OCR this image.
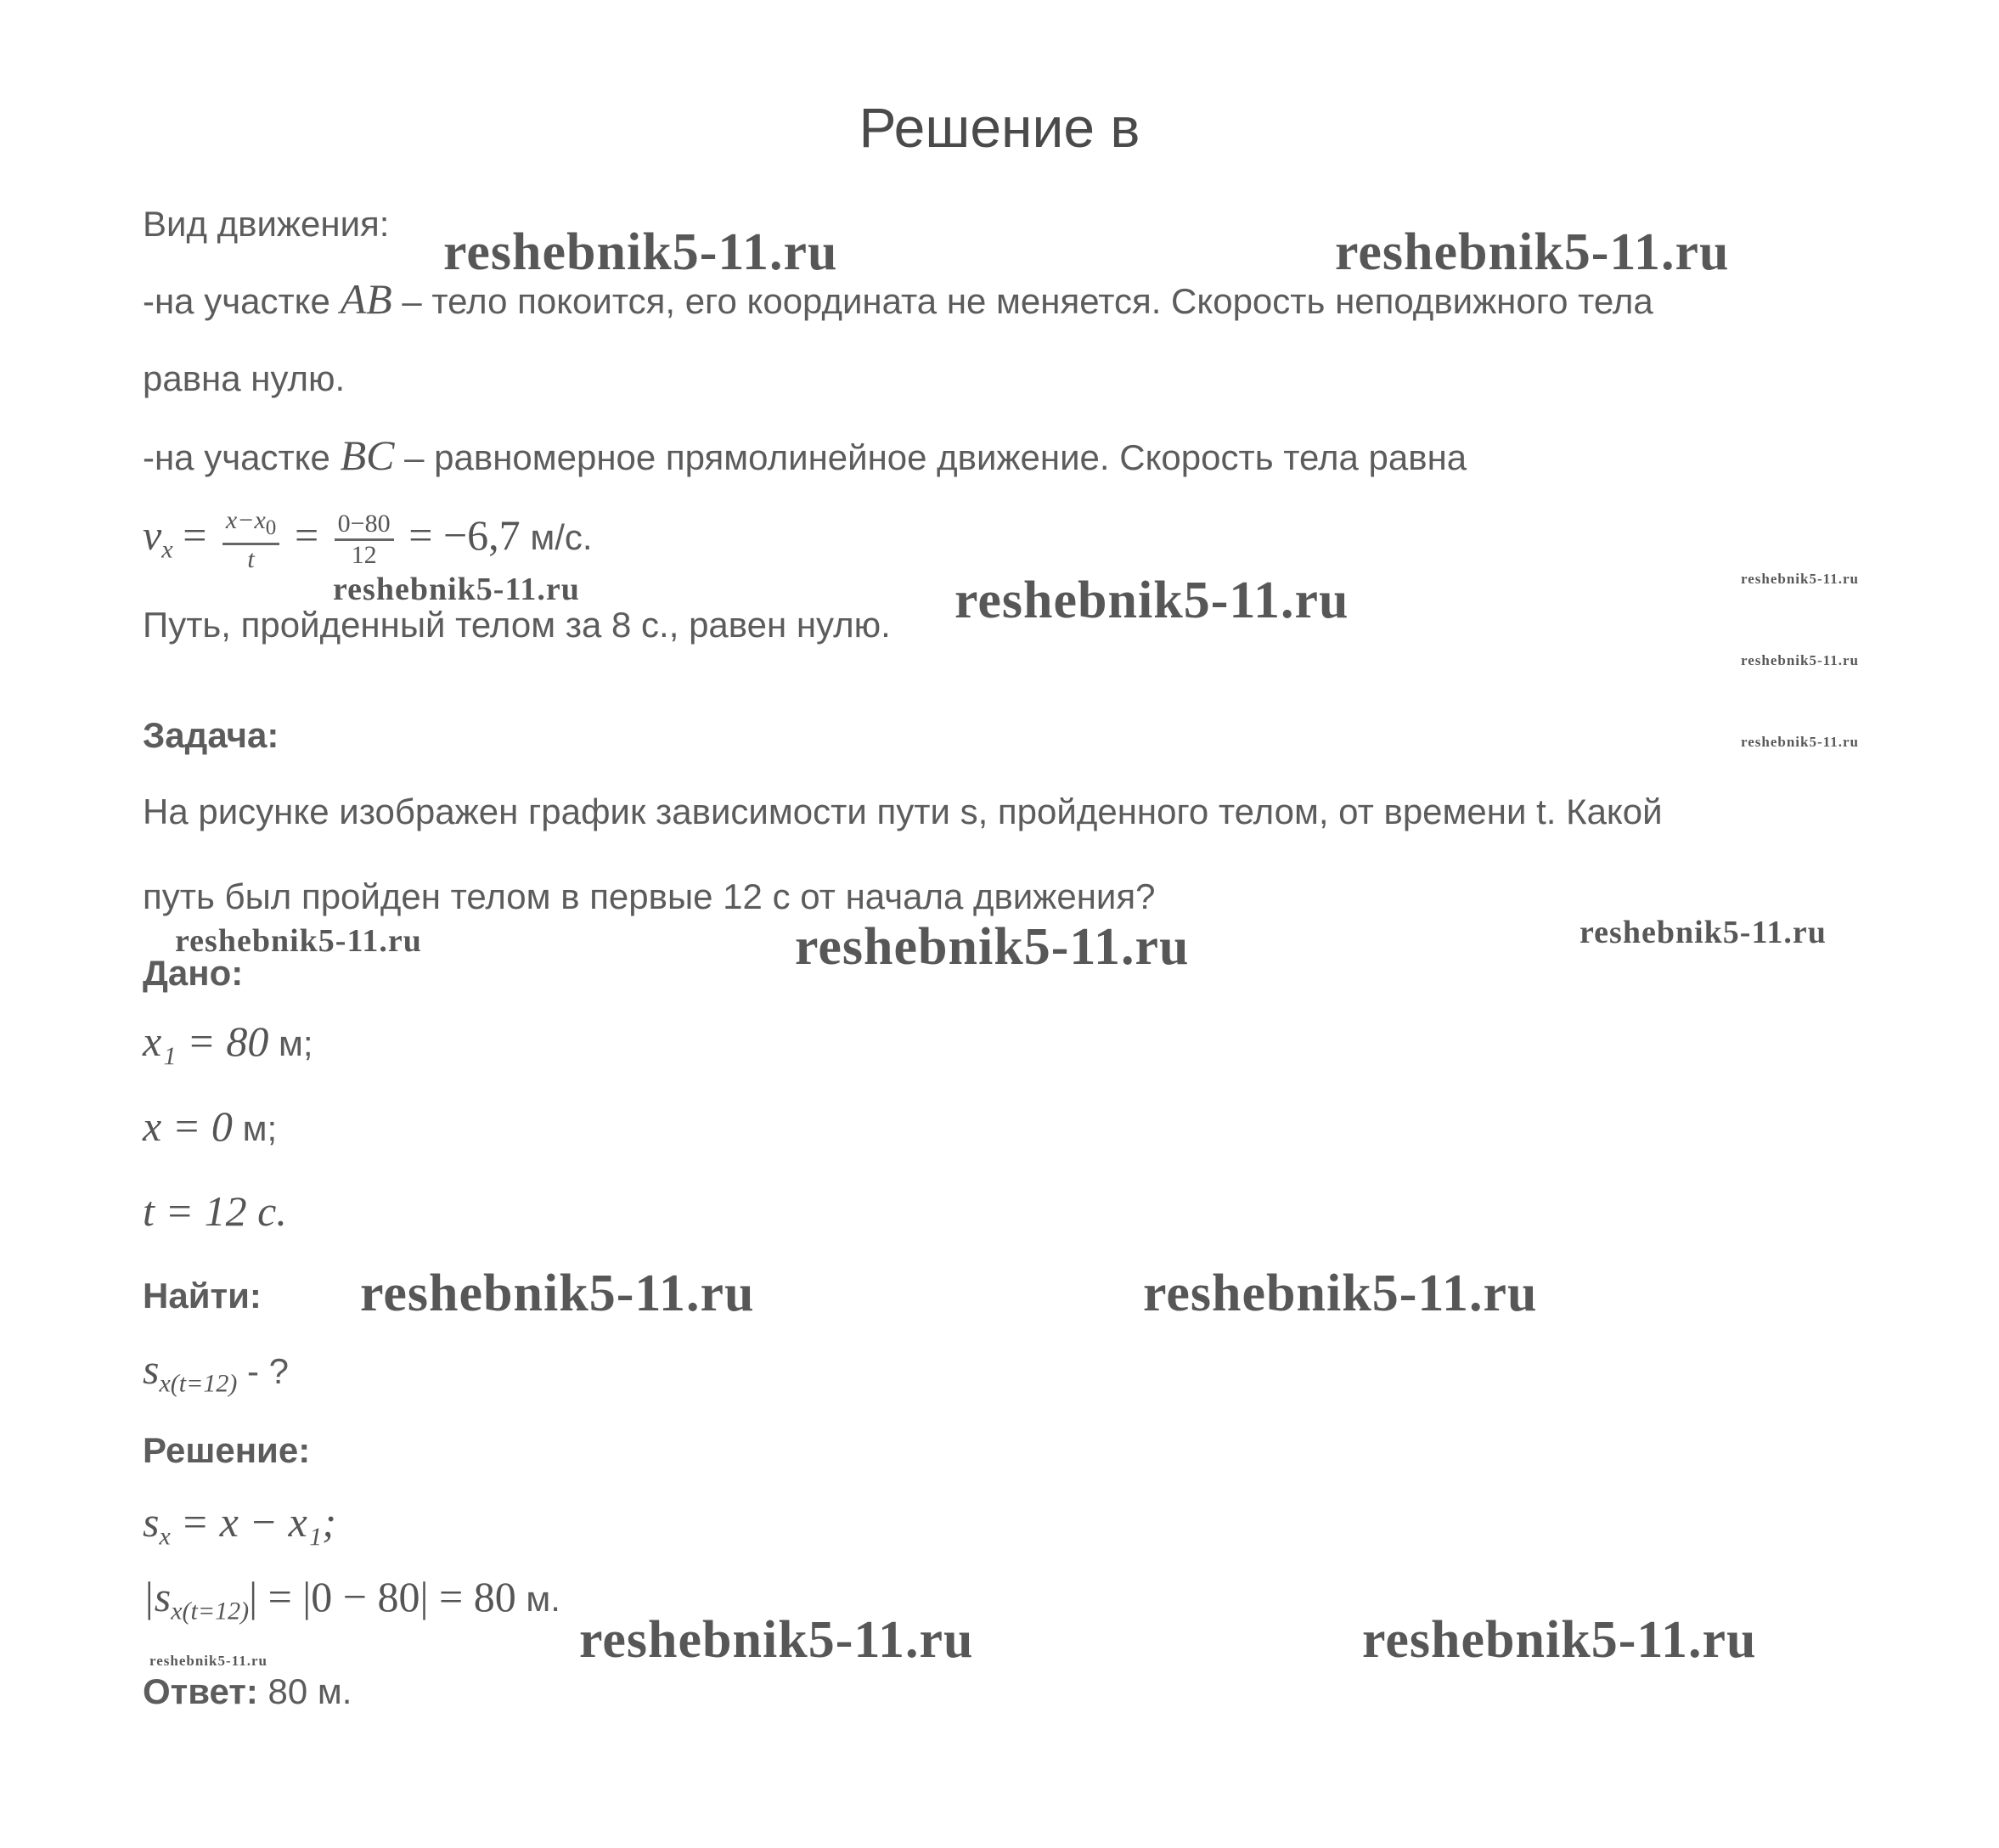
Решение в
Вид движения:
-на участке AB – тело покоится, его координата не меняется. Скорость неподвижного тела
равна нулю.
-на участке BC – равномерное прямолинейное движение. Скорость тела равна
$v_x = \frac{x-x_0}{t} = \frac{0-80}{12} = -6,7$ м/с.
Путь, пройденный телом за 8 с., равен нулю.
Задача:
На рисунке изображен график зависимости пути s, пройденного телом, от времени t. Какой
путь был пройден телом в первые 12 с от начала движения?
Дано:
x₁ = 80 м;
x = 0 м;
t = 12 c.
Найти:
$s_{x(t=12)}$ - ?
Решение:
$s_x = x - x_1$;
$|s_{x(t=12)}| = |0 - 80| = 80$ м.
Ответ: 80 м.
reshebnik5-11.ru	reshebnik5-11.ru
reshebnik5-11.ru	reshebnik5-11.ru	reshebnik5-11.ru
reshebnik5-11.ru
reshebnik5-11.ru
reshebnik5-11.ru	reshebnik5-11.ru	reshebnik5-11.ru
reshebnik5-11.ru	reshebnik5-11.ru
reshebnik5-11.ru	reshebnik5-11.ru
reshebnik5-11.ru
